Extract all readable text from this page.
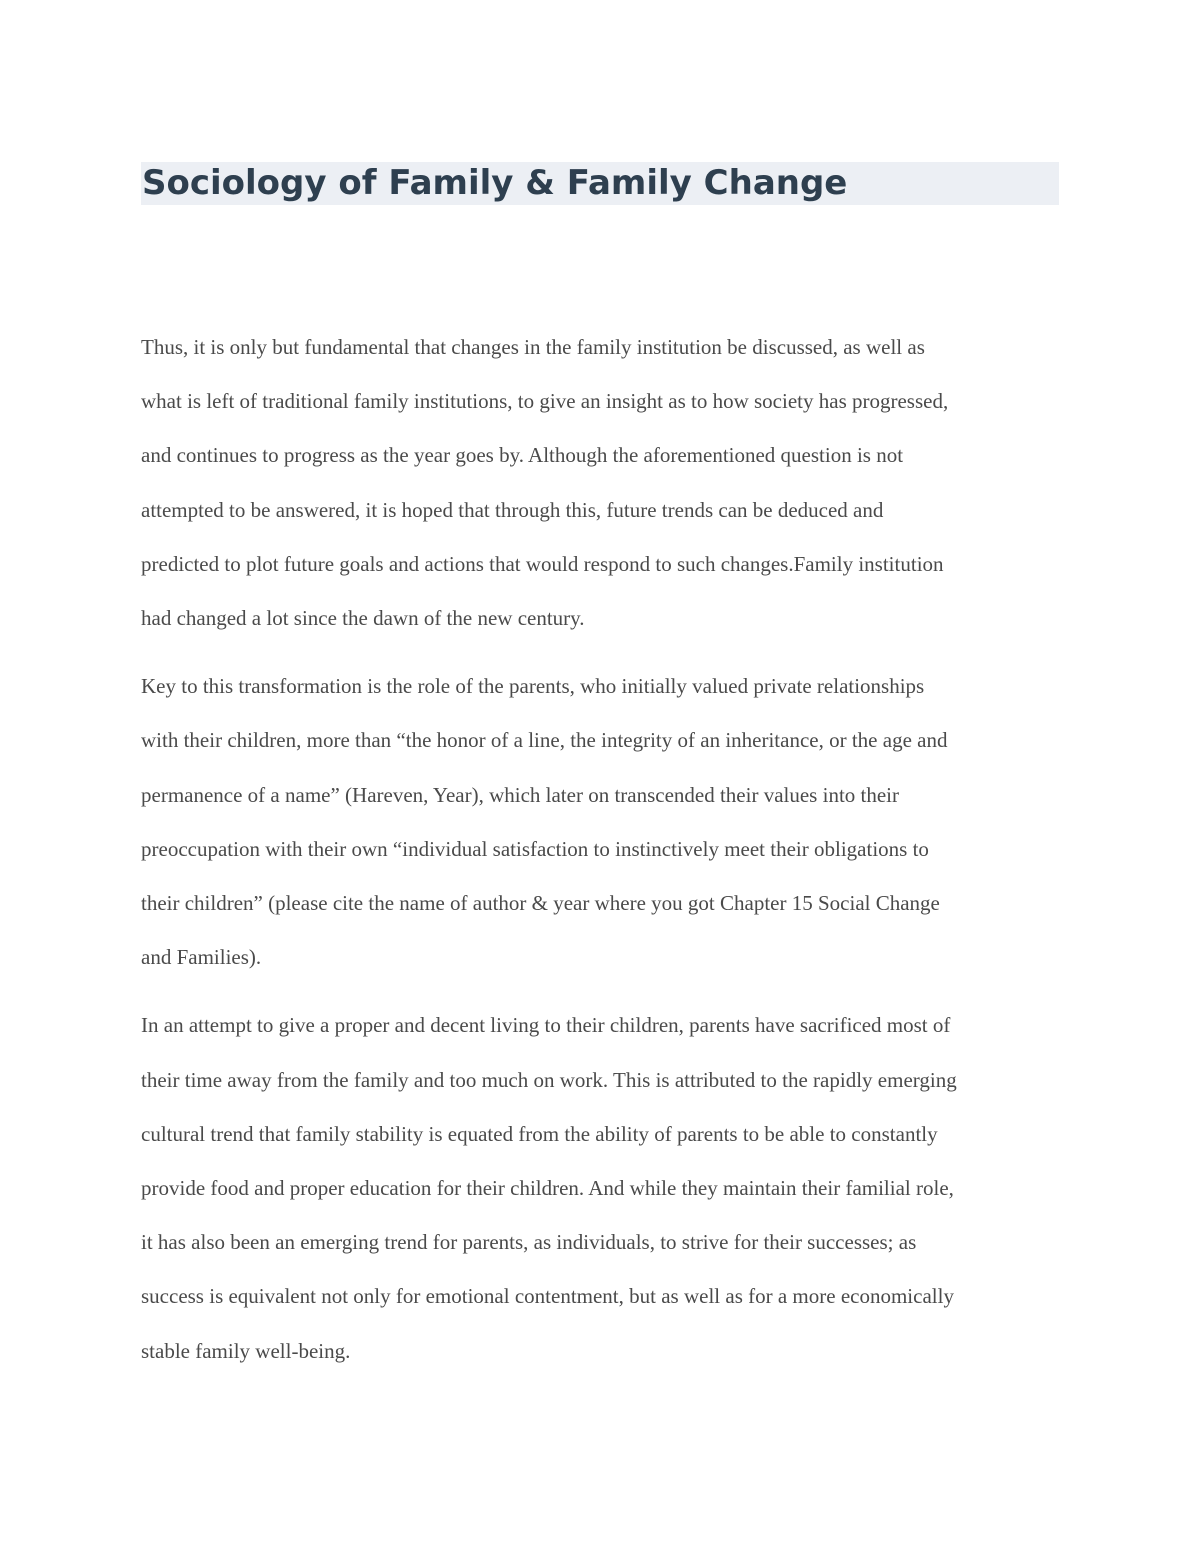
Sociology of Family & Family Change

Thus, it is only but fundamental that changes in the family institution be discussed, as well as
what is left of traditional family institutions, to give an insight as to how society has progressed,
and continues to progress as the year goes by. Although the aforementioned question is not
attempted to be answered, it is hoped that through this, future trends can be deduced and
predicted to plot future goals and actions that would respond to such changes.Family institution
had changed a lot since the dawn of the new century.

Key to this transformation is the role of the parents, who initially valued private relationships
with their children, more than “the honor of a line, the integrity of an inheritance, or the age and
permanence of a name” (Hareven, Year), which later on transcended their values into their
preoccupation with their own “individual satisfaction to instinctively meet their obligations to
their children” (please cite the name of author & year where you got Chapter 15 Social Change
and Families).

In an attempt to give a proper and decent living to their children, parents have sacrificed most of
their time away from the family and too much on work. This is attributed to the rapidly emerging
cultural trend that family stability is equated from the ability of parents to be able to constantly
provide food and proper education for their children. And while they maintain their familial role,
it has also been an emerging trend for parents, as individuals, to strive for their successes; as
success is equivalent not only for emotional contentment, but as well as for a more economically
stable family well-being.
